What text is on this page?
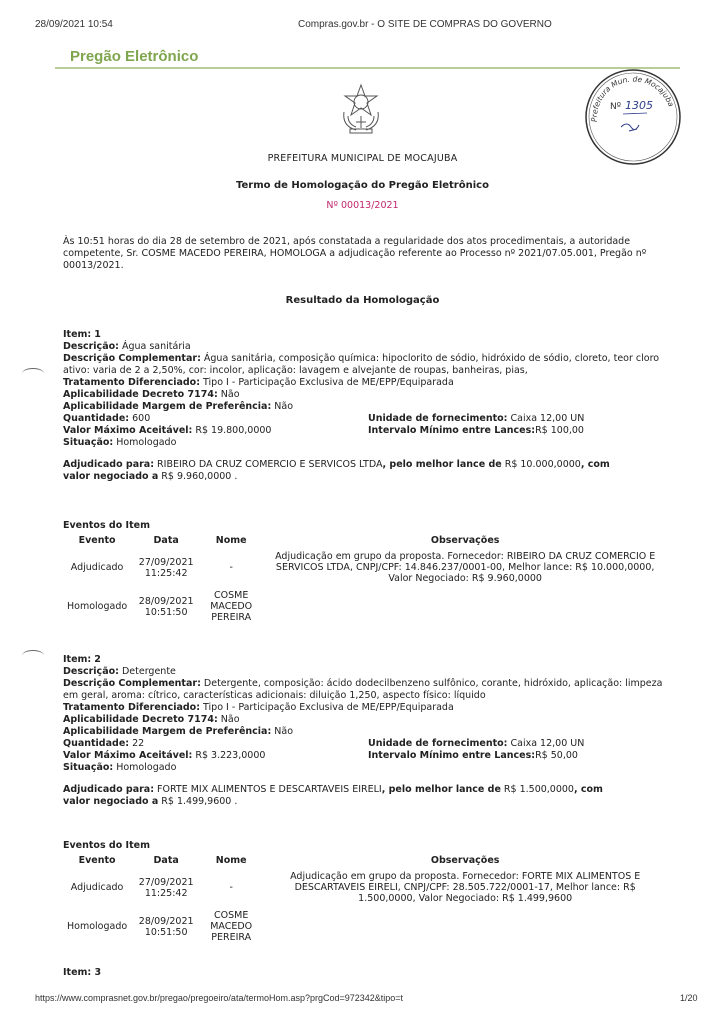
28/09/2021 10:54	Compras.gov.br - O SITE DE COMPRAS DO GOVERNO
Pregão Eletrônico
Prefeitura Mun. de Mocajuba
Nº 1305
PREFEITURA MUNICIPAL DE MOCAJUBA
Termo de Homologação do Pregão Eletrônico
Nº 00013/2021
Às 10:51 horas do dia 28 de setembro de 2021, após constatada a regularidade dos atos procedimentais, a autoridade competente, Sr. COSME MACEDO PEREIRA, HOMOLOGA a adjudicação referente ao Processo nº 2021/07.05.001, Pregão nº 00013/2021.
Resultado da Homologação
Item: 1
Descrição: Água sanitária
Descrição Complementar: Água sanitária, composição química: hipoclorito de sódio, hidróxido de sódio, cloreto, teor cloro ativo: varia de 2 a 2,50%, cor: incolor, aplicação: lavagem e alvejante de roupas, banheiras, pias,
Tratamento Diferenciado: Tipo I - Participação Exclusiva de ME/EPP/Equiparada
Aplicabilidade Decreto 7174: Não
Aplicabilidade Margem de Preferência: Não
Quantidade: 600	Unidade de fornecimento: Caixa 12,00 UN
Valor Máximo Aceitável: R$ 19.800,0000	Intervalo Mínimo entre Lances:R$ 100,00
Situação: Homologado
Adjudicado para: RIBEIRO DA CRUZ COMERCIO E SERVICOS LTDA, pelo melhor lance de R$ 10.000,0000, com
valor negociado a R$ 9.960,0000 .
Eventos do Item
Evento	Data	Nome	Observações
Adjudicado	27/09/2021 11:25:42	-	Adjudicação em grupo da proposta. Fornecedor: RIBEIRO DA CRUZ COMERCIO E SERVICOS LTDA, CNPJ/CPF: 14.846.237/0001-00, Melhor lance: R$ 10.000,0000, Valor Negociado: R$ 9.960,0000
Homologado	28/09/2021 10:51:50	COSME MACEDO PEREIRA	
Item: 2
Descrição: Detergente
Descrição Complementar: Detergente, composição: ácido dodecilbenzeno sulfônico, corante, hidróxido, aplicação: limpeza em geral, aroma: cítrico, características adicionais: diluição 1,250, aspecto físico: líquido
Tratamento Diferenciado: Tipo I - Participação Exclusiva de ME/EPP/Equiparada
Aplicabilidade Decreto 7174: Não
Aplicabilidade Margem de Preferência: Não
Quantidade: 22	Unidade de fornecimento: Caixa 12,00 UN
Valor Máximo Aceitável: R$ 3.223,0000	Intervalo Mínimo entre Lances:R$ 50,00
Situação: Homologado
Adjudicado para: FORTE MIX ALIMENTOS E DESCARTAVEIS EIRELI, pelo melhor lance de R$ 1.500,0000, com
valor negociado a R$ 1.499,9600 .
Eventos do Item
Evento	Data	Nome	Observações
Adjudicado	27/09/2021 11:25:42	-	Adjudicação em grupo da proposta. Fornecedor: FORTE MIX ALIMENTOS E DESCARTAVEIS EIRELI, CNPJ/CPF: 28.505.722/0001-17, Melhor lance: R$ 1.500,0000, Valor Negociado: R$ 1.499,9600
Homologado	28/09/2021 10:51:50	COSME MACEDO PEREIRA	
Item: 3
https://www.comprasnet.gov.br/pregao/pregoeiro/ata/termoHom.asp?prgCod=972342&tipo=t	1/20
